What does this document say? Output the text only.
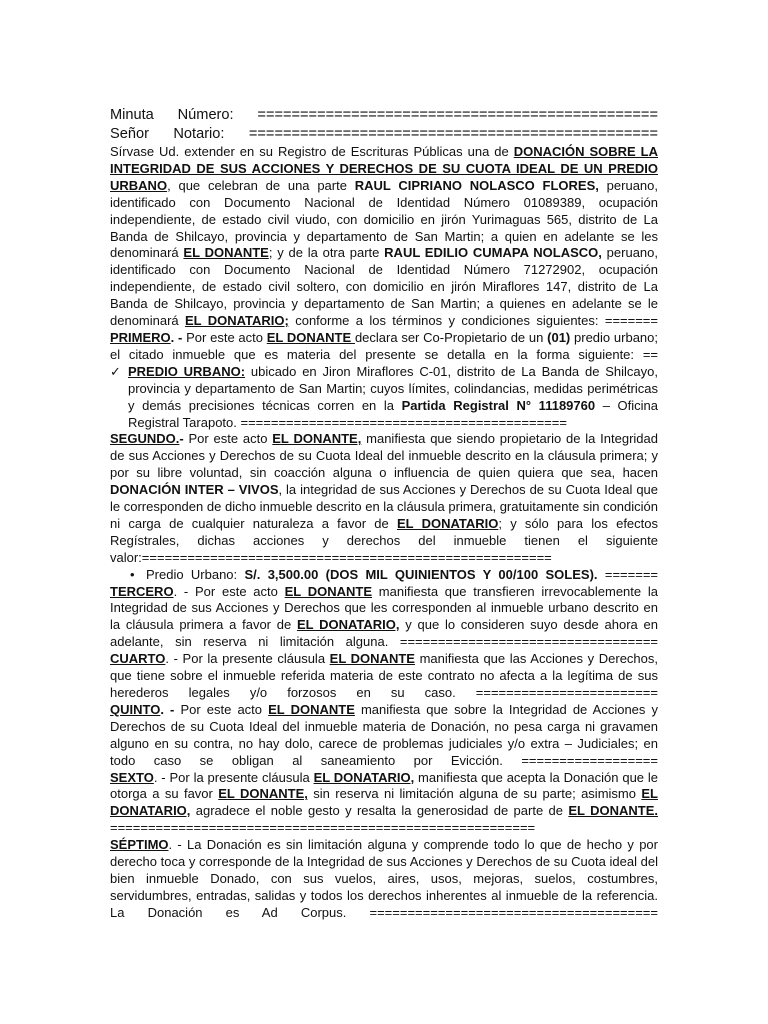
Minuta Número: ===============================================
Señor Notario: ================================================
Sírvase Ud. extender en su Registro de Escrituras Públicas una de DONACIÓN SOBRE LA INTEGRIDAD DE SUS ACCIONES Y DERECHOS DE SU CUOTA IDEAL DE UN PREDIO URBANO, que celebran de una parte RAUL CIPRIANO NOLASCO FLORES, peruano, identificado con Documento Nacional de Identidad Número 01089389, ocupación independiente, de estado civil viudo, con domicilio en jirón Yurimaguas 565, distrito de La Banda de Shilcayo, provincia y departamento de San Martin; a quien en adelante se les denominará EL DONANTE; y de la otra parte RAUL EDILIO CUMAPA NOLASCO, peruano, identificado con Documento Nacional de Identidad Número 71272902, ocupación independiente, de estado civil soltero, con domicilio en jirón Miraflores 147, distrito de La Banda de Shilcayo, provincia y departamento de San Martin; a quienes en adelante se le denominará EL DONATARIO; conforme a los términos y condiciones siguientes: =======
PRIMERO. - Por este acto EL DONANTE declara ser Co-Propietario de un (01) predio urbano; el citado inmueble que es materia del presente se detalla en la forma siguiente: ==
✓ PREDIO URBANO: ubicado en Jiron Miraflores C-01, distrito de La Banda de Shilcayo, provincia y departamento de San Martin; cuyos límites, colindancias, medidas perimétricas y demás precisiones técnicas corren en la Partida Registral N° 11189760 – Oficina Registral Tarapoto. ===========================================
SEGUNDO.- Por este acto EL DONANTE, manifiesta que siendo propietario de la Integridad de sus Acciones y Derechos de su Cuota Ideal del inmueble descrito en la cláusula primera; y por su libre voluntad, sin coacción alguna o influencia de quien quiera que sea, hacen DONACIÓN INTER – VIVOS, la integridad de sus Acciones y Derechos de su Cuota Ideal que le corresponden de dicho inmueble descrito en la cláusula primera, gratuitamente sin condición ni carga de cualquier naturaleza a favor de EL DONATARIO; y sólo para los efectos Regístrales, dichas acciones y derechos del inmueble tienen el siguiente valor:======================================================
• Predio Urbano: S/. 3,500.00 (DOS MIL QUINIENTOS Y 00/100 SOLES). =======
TERCERO. - Por este acto EL DONANTE manifiesta que transfieren irrevocablemente la Integridad de sus Acciones y Derechos que les corresponden al inmueble urbano descrito en la cláusula primera a favor de EL DONATARIO, y que lo consideren suyo desde ahora en adelante, sin reserva ni limitación alguna. ==================================
CUARTO. - Por la presente cláusula EL DONANTE manifiesta que las Acciones y Derechos, que tiene sobre el inmueble referida materia de este contrato no afecta a la legítima de sus herederos legales y/o forzosos en su caso. ========================
QUINTO. - Por este acto EL DONANTE manifiesta que sobre la Integridad de Acciones y Derechos de su Cuota Ideal del inmueble materia de Donación, no pesa carga ni gravamen alguno en su contra, no hay dolo, carece de problemas judiciales y/o extra – Judiciales; en todo caso se obligan al saneamiento por Evicción. ==================
SEXTO. - Por la presente cláusula EL DONATARIO, manifiesta que acepta la Donación que le otorga a su favor EL DONANTE, sin reserva ni limitación alguna de su parte; asimismo EL DONATARIO, agradece el noble gesto y resalta la generosidad de parte de EL DONANTE. ========================================================
SÉPTIMO. - La Donación es sin limitación alguna y comprende todo lo que de hecho y por derecho toca y corresponde de la Integridad de sus Acciones y Derechos de su Cuota ideal del bien inmueble Donado, con sus vuelos, aires, usos, mejoras, suelos, costumbres, servidumbres, entradas, salidas y todos los derechos inherentes al inmueble de la referencia. La Donación es Ad Corpus. ======================================
